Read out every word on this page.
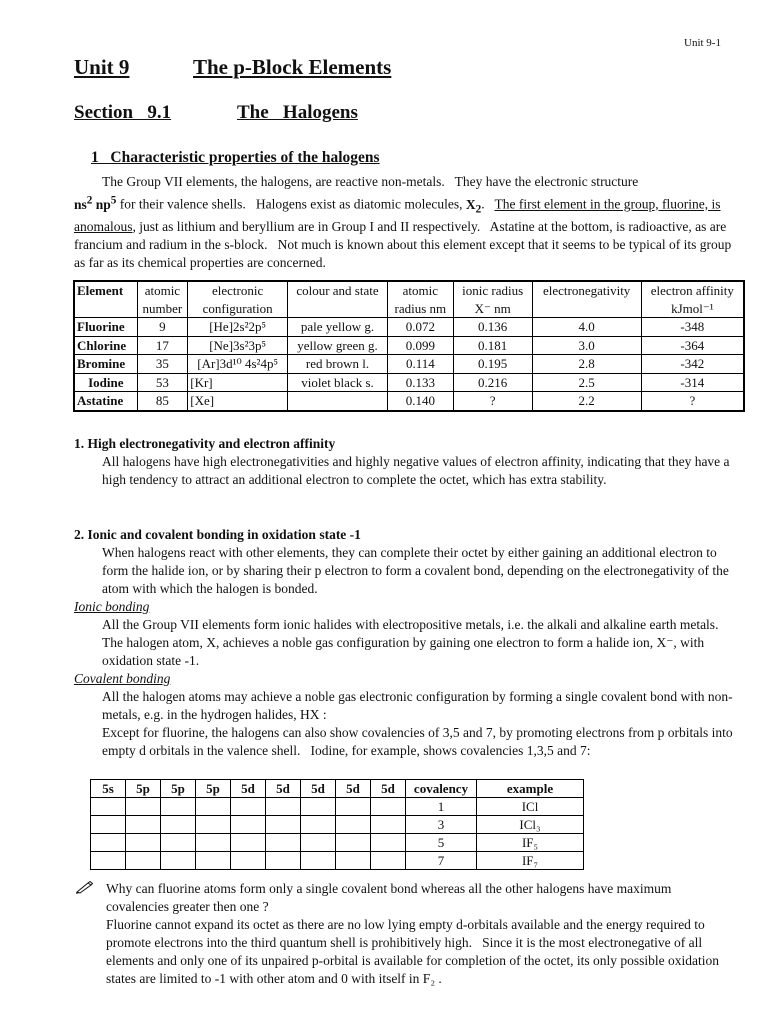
Unit 9-1
Unit 9	The p-Block Elements
Section   9.1	The   Halogens
1   Characteristic properties of the halogens
The Group VII elements, the halogens, are reactive non-metals.   They have the electronic structure
$ns^2$ $np^5$ for their valence shells.   Halogens exist as diatomic molecules, $X_2$.   The first element in the group, fluorine, is anomalous, just as lithium and beryllium are in Group I and II respectively.   Astatine at the bottom, is radioactive, as are francium and radium in the s-block.   Not much is known about this element except that it seems to be typical of its group as far as its chemical properties are concerned.
Element	atomic number	electronic configuration	colour and state	atomic radius nm	ionic radius X⁻ nm	electronegativity	electron affinity kJmol⁻¹
Fluorine	9	[He]2s²2p⁵	pale yellow g.	0.072	0.136	4.0	-348
Chlorine	17	[Ne]3s²3p⁵	yellow green g.	0.099	0.181	3.0	-364
Bromine	35	[Ar]3d¹⁰ 4s²4p⁵	red brown l.	0.114	0.195	2.8	-342
Iodine	53	[Kr]	violet black s.	0.133	0.216	2.5	-314
Astatine	85	[Xe]		0.140	?	2.2	?
1. High electronegativity and electron affinity
All halogens have high electronegativities and highly negative values of electron affinity, indicating that they have a high tendency to attract an additional electron to complete the octet, which has extra stability.
2. Ionic and covalent bonding in oxidation state -1
When halogens react with other elements, they can complete their octet by either gaining an additional electron to form the halide ion, or by sharing their p electron to form a covalent bond, depending on the electronegativity of the atom with which the halogen is bonded.
Ionic bonding
All the Group VII elements form ionic halides with electropositive metals, i.e. the alkali and alkaline earth metals.   The halogen atom, X, achieves a noble gas configuration by gaining one electron to form a halide ion, X⁻, with oxidation state -1.
Covalent bonding
All the halogen atoms may achieve a noble gas electronic configuration by forming a single covalent bond with non-metals, e.g. in the hydrogen halides, HX :
Except for fluorine, the halogens can also show covalencies of 3,5 and 7, by promoting electrons from p orbitals into empty d orbitals in the valence shell.   Iodine, for example, shows covalencies 1,3,5 and 7:
5s	5p	5p	5p	5d	5d	5d	5d	5d	covalency	example
									1	ICl
									3	ICl₃
									5	IF₅
									7	IF₇
Why can fluorine atoms form only a single covalent bond whereas all the other halogens have maximum covalencies greater then one ?
Fluorine cannot expand its octet as there are no low lying empty d-orbitals available and the energy required to promote electrons into the third quantum shell is prohibitively high.   Since it is the most electronegative of all elements and only one of its unpaired p-orbital is available for completion of the octet, its only possible oxidation states are limited to -1 with other atom and 0 with itself in F₂ .
